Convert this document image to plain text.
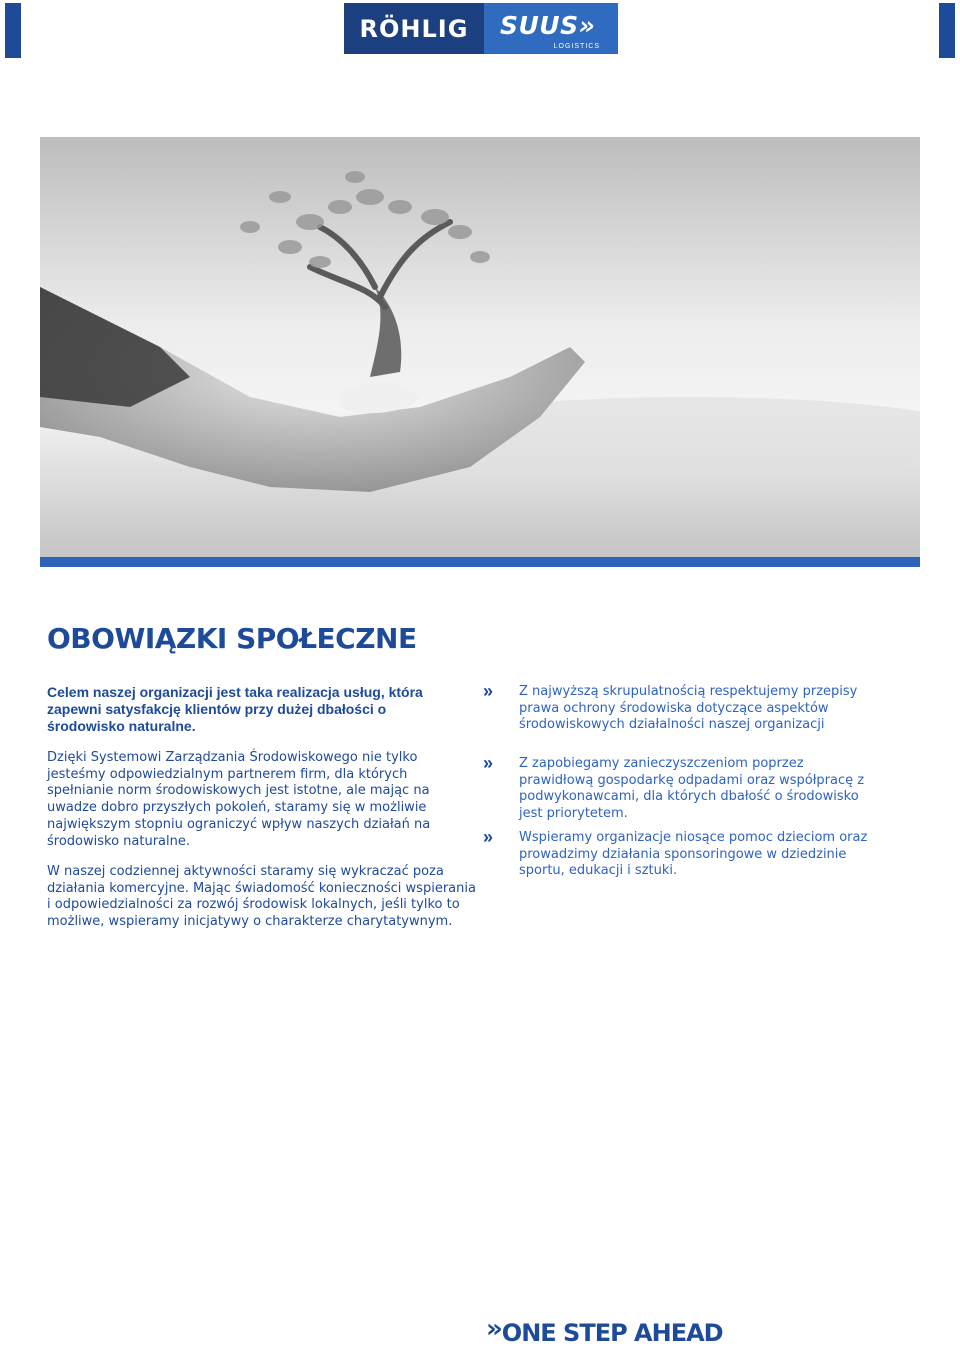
RÖHLIG	SUUS»
LOGISTICS
OBOWIĄZKI SPOŁECZNE

Celem naszej organizacji jest taka realizacja usług, która zapewni satysfakcję klientów przy dużej dbałości o środowisko naturalne.

Dzięki Systemowi Zarządzania Środowiskowego nie tylko jesteśmy odpowiedzialnym partnerem firm, dla których spełnianie norm środowiskowych jest istotne, ale mając na uwadze dobro przyszłych pokoleń, staramy się w możliwie największym stopniu ograniczyć wpływ naszych działań na środowisko naturalne.

W naszej codziennej aktywności staramy się wykraczać poza działania komercyjne. Mając świadomość konieczności wspierania i odpowiedzialności za rozwój środowisk lokalnych, jeśli tylko to możliwe, wspieramy inicjatywy o charakterze charytatywnym.

» Z najwyższą skrupulatnością respektujemy przepisy prawa ochrony środowiska dotyczące aspektów środowiskowych działalności naszej organizacji

» Z zapobiegamy zanieczyszczeniom poprzez prawidłową gospodarkę odpadami oraz współpracę z podwykonawcami, dla których dbałość o środowisko jest priorytetem.

» Wspieramy organizacje niosące pomoc dzieciom oraz prowadzimy działania sponsoringowe w dziedzinie sportu, edukacji i sztuki.

»ONE STEP AHEAD
